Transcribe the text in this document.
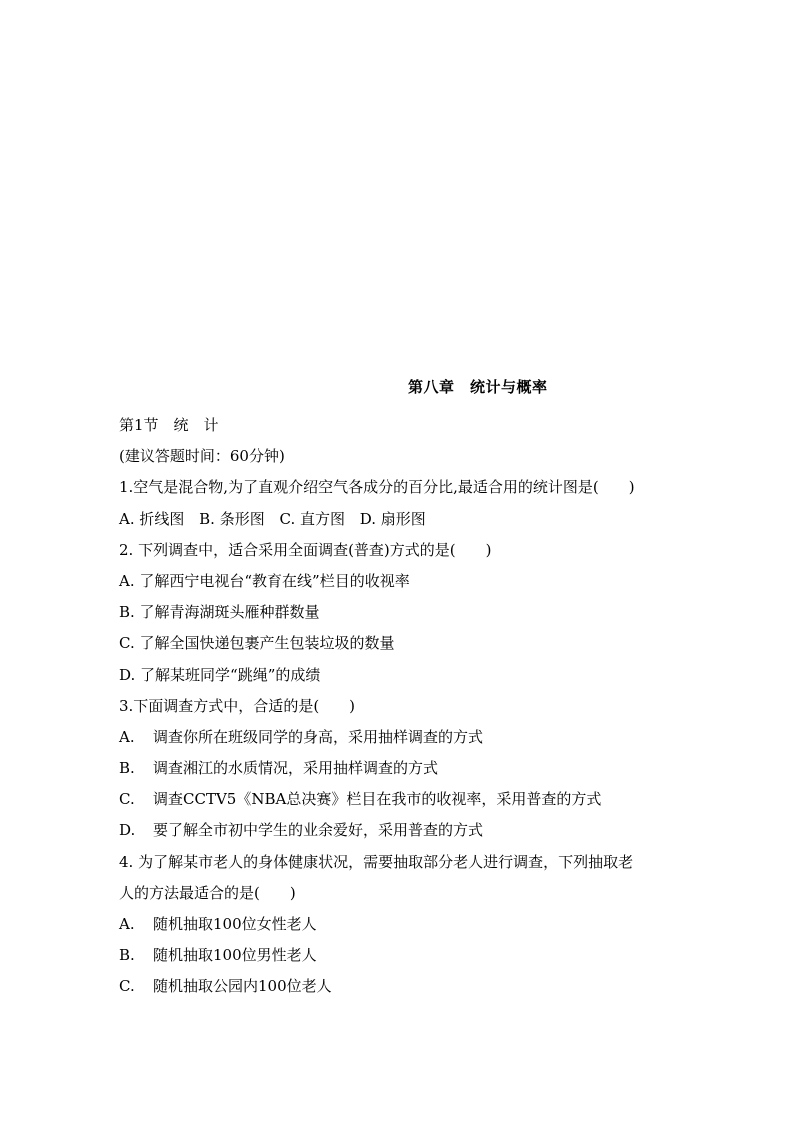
第八章　统计与概率
第1节　统　计
(建议答题时间：60分钟)
1.空气是混合物,为了直观介绍空气各成分的百分比,最适合用的统计图是(　　)
A. 折线图 B. 条形图 C. 直方图 D. 扇形图
2. 下列调查中，适合采用全面调查(普查)方式的是(　　)
A. 了解西宁电视台“教育在线”栏目的收视率
B. 了解青海湖斑头雁种群数量
C. 了解全国快递包裹产生包装垃圾的数量
D. 了解某班同学“跳绳”的成绩
3.下面调查方式中，合适的是(　　)
A. 调查你所在班级同学的身高，采用抽样调查的方式
B. 调查湘江的水质情况，采用抽样调查的方式
C. 调查CCTV5《NBA总决赛》栏目在我市的收视率，采用普查的方式
D. 要了解全市初中学生的业余爱好，采用普查的方式
4. 为了解某市老人的身体健康状况，需要抽取部分老人进行调查，下列抽取老
人的方法最适合的是(　　)
A. 随机抽取100位女性老人
B. 随机抽取100位男性老人
C. 随机抽取公园内100位老人
